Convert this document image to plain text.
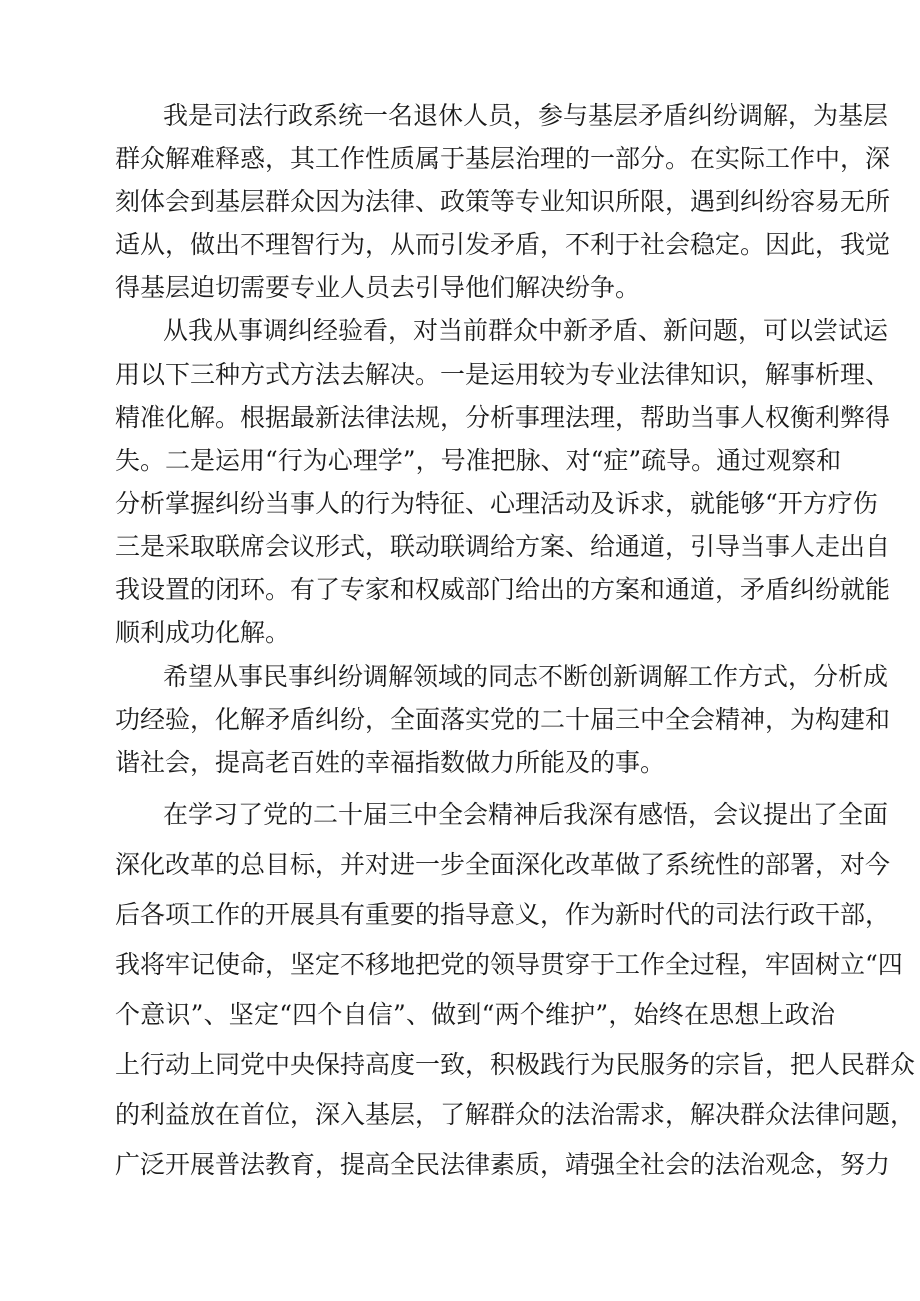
我是司法行政系统一名退休人员，参与基层矛盾纠纷调解，为基层

群众解难释惑，其工作性质属于基层治理的一部分。在实际工作中，深

刻体会到基层群众因为法律、政策等专业知识所限，遇到纠纷容易无所

适从，做出不理智行为，从而引发矛盾，不利于社会稳定。因此，我觉

得基层迫切需要专业人员去引导他们解决纷争。

从我从事调纠经验看，对当前群众中新矛盾、新问题，可以尝试运

用以下三种方式方法去解决。一是运用较为专业法律知识，解事析理、

精准化解。根据最新法律法规，分析事理法理，帮助当事人权衡利弊得

失。二是运用“行为心理学”，号准把脉、对“症”疏导。通过观察和

分析掌握纠纷当事人的行为特征、心理活动及诉求，就能够“开方疗伤

三是采取联席会议形式，联动联调给方案、给通道，引导当事人走出自

我设置的闭环。有了专家和权威部门给出的方案和通道，矛盾纠纷就能

顺利成功化解。

希望从事民事纠纷调解领域的同志不断创新调解工作方式，分析成

功经验，化解矛盾纠纷，全面落实党的二十届三中全会精神，为构建和

谐社会，提高老百姓的幸福指数做力所能及的事。

在学习了党的二十届三中全会精神后我深有感悟，会议提出了全面

深化改革的总目标，并对进一步全面深化改革做了系统性的部署，对今

后各项工作的开展具有重要的指导意义，作为新时代的司法行政干部，

我将牢记使命，坚定不移地把党的领导贯穿于工作全过程，牢固树立“四

个意识”、坚定“四个自信”、做到“两个维护”，始终在思想上政治

上行动上同党中央保持高度一致，积极践行为民服务的宗旨，把人民群众

的利益放在首位，深入基层，了解群众的法治需求，解决群众法律问题，

广泛开展普法教育，提高全民法律素质，靖强全社会的法治观念，努力
